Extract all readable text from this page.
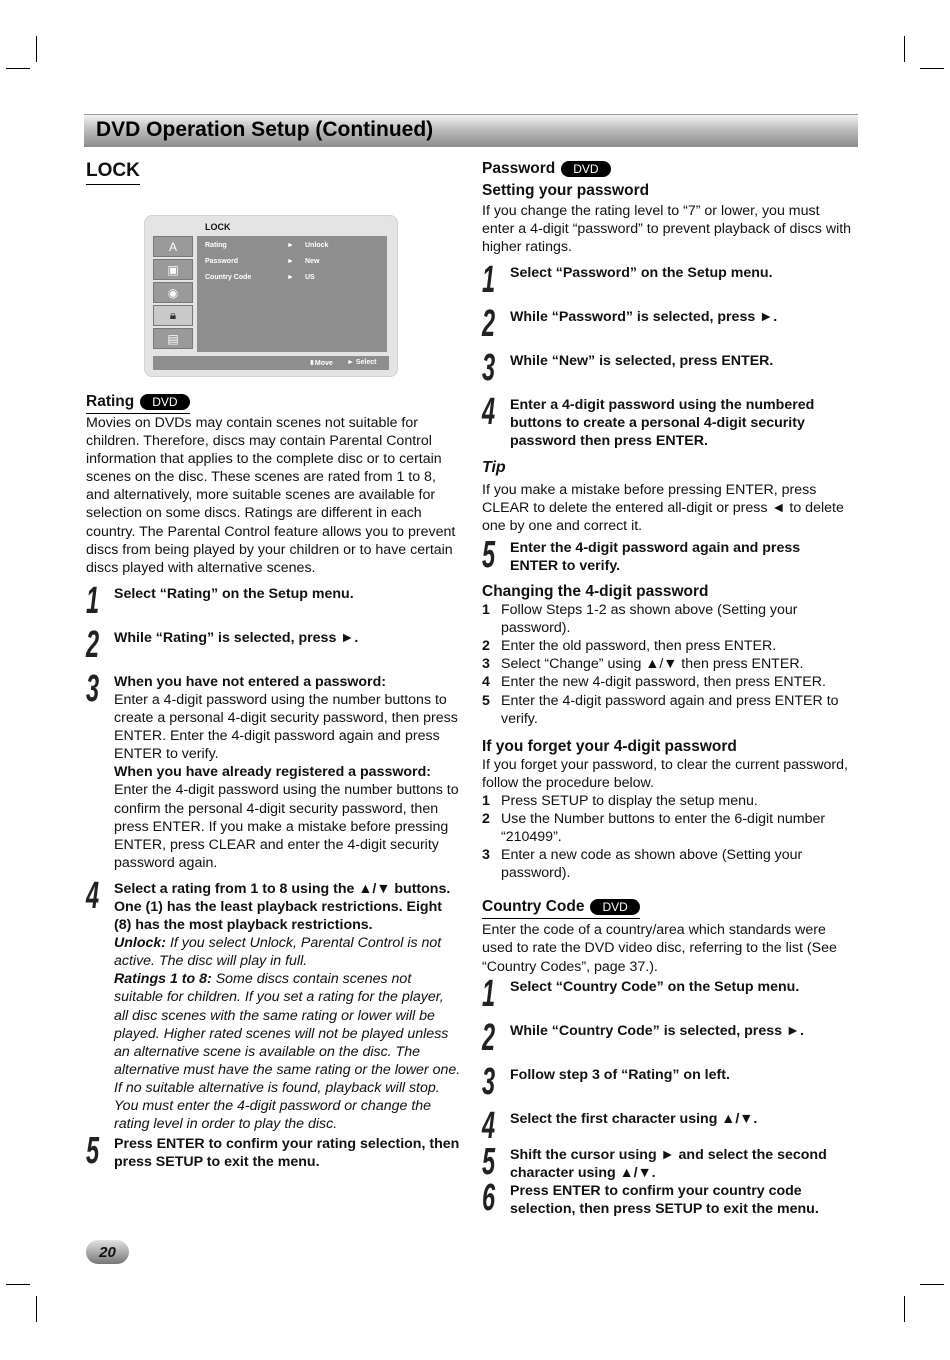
DVD Operation Setup (Continued)
LOCK
LOCK
A
▣
◉
🔒︎
▤
Rating	► Unlock
Password	► New
Country Code	► US
⬍Move ► Select
Rating	DVD

Movies on DVDs may contain scenes not suitable for children. Therefore, discs may contain Parental Control information that applies to the complete disc or to certain scenes on the disc. These scenes are rated from 1 to 8, and alternatively, more suitable scenes are available for selection on some discs. Ratings are different in each country. The Parental Control feature allows you to prevent discs from being played by your children or to have certain discs played with alternative scenes.

1 Select “Rating” on the Setup menu.
2 While “Rating” is selected, press ►.
3 When you have not entered a password:
Enter a 4-digit password using the number buttons to create a personal 4-digit security password, then press ENTER. Enter the 4-digit password again and press ENTER to verify.
When you have already registered a password:
Enter the 4-digit password using the number buttons to confirm the personal 4-digit security password, then press ENTER. If you make a mistake before pressing ENTER, press CLEAR and enter the 4-digit security password again.
4 Select a rating from 1 to 8 using the ▲/▼ buttons. One (1) has the least playback restrictions. Eight (8) has the most playback restrictions.
Unlock: If you select Unlock, Parental Control is not active. The disc will play in full.
Ratings 1 to 8: Some discs contain scenes not suitable for children. If you set a rating for the player, all disc scenes with the same rating or lower will be played. Higher rated scenes will not be played unless an alternative scene is available on the disc. The alternative must have the same rating or the lower one. If no suitable alternative is found, playback will stop. You must enter the 4-digit password or change the rating level in order to play the disc.
5 Press ENTER to confirm your rating selection, then press SETUP to exit the menu.
Password	DVD
Setting your password

If you change the rating level to “7” or lower, you must enter a 4-digit “password” to prevent playback of discs with higher ratings.

1 Select “Password” on the Setup menu.
2 While “Password” is selected, press ►.
3 While “New” is selected, press ENTER.
4 Enter a 4-digit password using the numbered buttons to create a personal 4-digit security password then press ENTER.
Tip

If you make a mistake before pressing ENTER, press CLEAR to delete the entered all-digit or press ◄ to delete one by one and correct it.

5 Enter the 4-digit password again and press ENTER to verify.
Changing the 4-digit password
1 Follow Steps 1-2 as shown above (Setting your password).
2 Enter the old password, then press ENTER.
3 Select “Change” using ▲/▼ then press ENTER.
4 Enter the new 4-digit password, then press ENTER.
5 Enter the 4-digit password again and press ENTER to verify.
If you forget your 4-digit password

If you forget your password, to clear the current password, follow the procedure below.

1 Press SETUP to display the setup menu.
2 Use the Number buttons to enter the 6-digit number “210499”.
3 Enter a new code as shown above (Setting your password).
Country Code	DVD

Enter the code of a country/area which standards were used to rate the DVD video disc, referring to the list (See “Country Codes”, page 37.).

1 Select “Country Code” on the Setup menu.
2 While “Country Code” is selected, press ►.
3 Follow step 3 of “Rating” on left.
4 Select the first character using ▲/▼.
5 Shift the cursor using ► and select the second character using ▲/▼.
6 Press ENTER to confirm your country code selection, then press SETUP to exit the menu.
20
